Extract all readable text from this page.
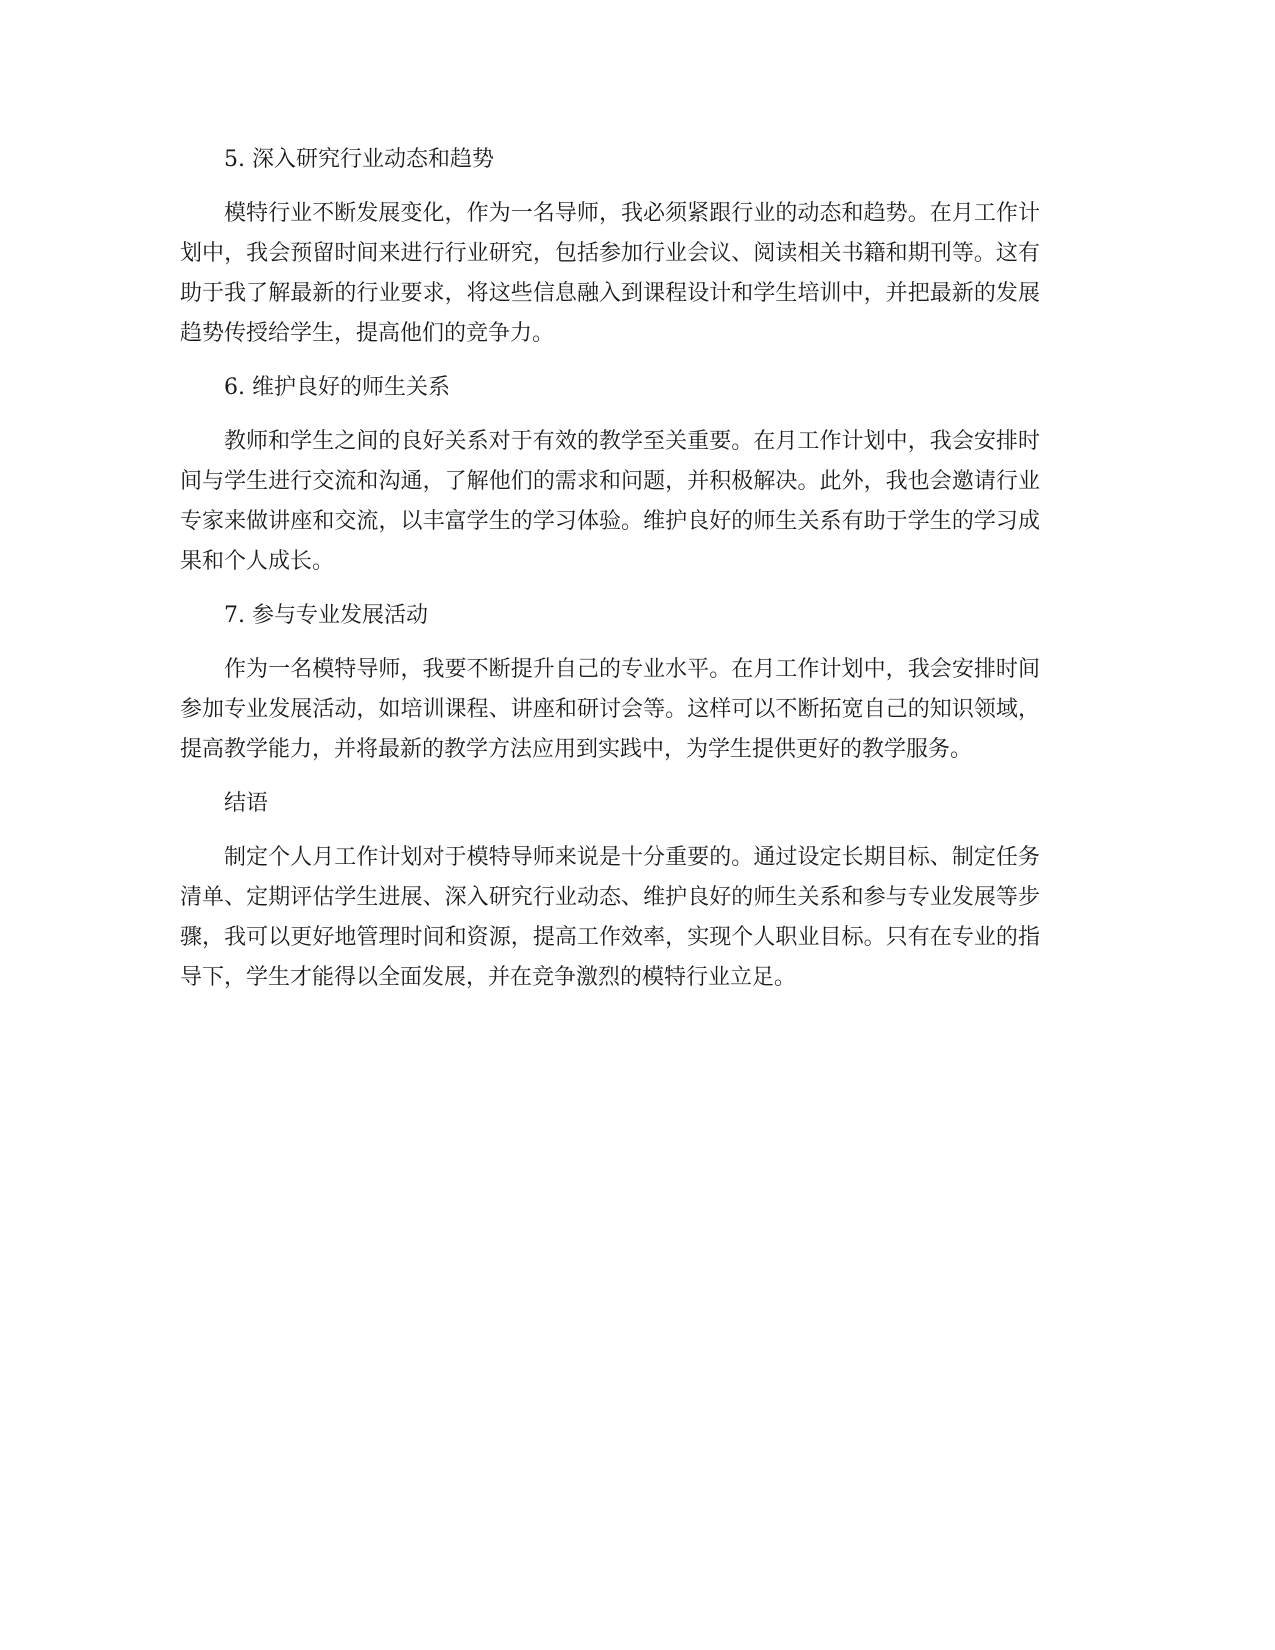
5. 深入研究行业动态和趋势
模特行业不断发展变化，作为一名导师，我必须紧跟行业的动态和趋势。在月工作计划中，我会预留时间来进行行业研究，包括参加行业会议、阅读相关书籍和期刊等。这有助于我了解最新的行业要求，将这些信息融入到课程设计和学生培训中，并把最新的发展趋势传授给学生，提高他们的竞争力。
6. 维护良好的师生关系
教师和学生之间的良好关系对于有效的教学至关重要。在月工作计划中，我会安排时间与学生进行交流和沟通，了解他们的需求和问题，并积极解决。此外，我也会邀请行业专家来做讲座和交流，以丰富学生的学习体验。维护良好的师生关系有助于学生的学习成果和个人成长。
7. 参与专业发展活动
作为一名模特导师，我要不断提升自己的专业水平。在月工作计划中，我会安排时间参加专业发展活动，如培训课程、讲座和研讨会等。这样可以不断拓宽自己的知识领域，提高教学能力，并将最新的教学方法应用到实践中，为学生提供更好的教学服务。
结语
制定个人月工作计划对于模特导师来说是十分重要的。通过设定长期目标、制定任务清单、定期评估学生进展、深入研究行业动态、维护良好的师生关系和参与专业发展等步骤，我可以更好地管理时间和资源，提高工作效率，实现个人职业目标。只有在专业的指导下，学生才能得以全面发展，并在竞争激烈的模特行业立足。
